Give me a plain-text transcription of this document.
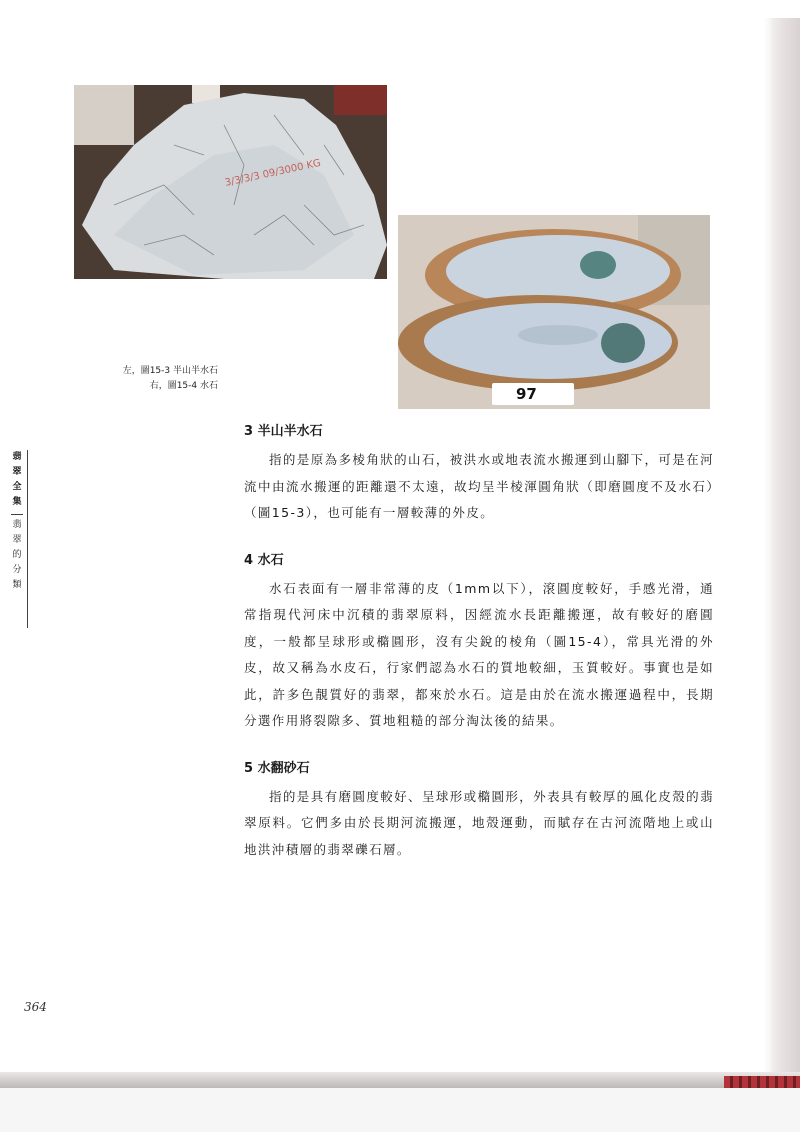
3/3/3/3 09/3000 KG
97
左，圖15-3 半山半水石
右，圖15-4 水石
翡
翠
全
集
翡
翠
的
分
類
3 半山半水石

指的是原為多棱角狀的山石，被洪水或地表流水搬運到山腳下，可是在河流中由流水搬運的距離還不太遠，故均呈半棱渾圓角狀（即磨圓度不及水石）（圖15-3），也可能有一層較薄的外皮。

4 水石

水石表面有一層非常薄的皮（1mm以下），滾圓度較好，手感光滑，通常指現代河床中沉積的翡翠原料，因經流水長距離搬運，故有較好的磨圓度，一般都呈球形或橢圓形，沒有尖銳的棱角（圖15-4），常具光滑的外皮，故又稱為水皮石，行家們認為水石的質地較細，玉質較好。事實也是如此，許多色靚質好的翡翠，都來於水石。這是由於在流水搬運過程中，長期分選作用將裂隙多、質地粗糙的部分淘汰後的結果。

5 水翻砂石

指的是具有磨圓度較好、呈球形或橢圓形，外表具有較厚的風化皮殼的翡翠原料。它們多由於長期河流搬運，地殼運動，而賦存在古河流階地上或山地洪沖積層的翡翠礫石層。

364
